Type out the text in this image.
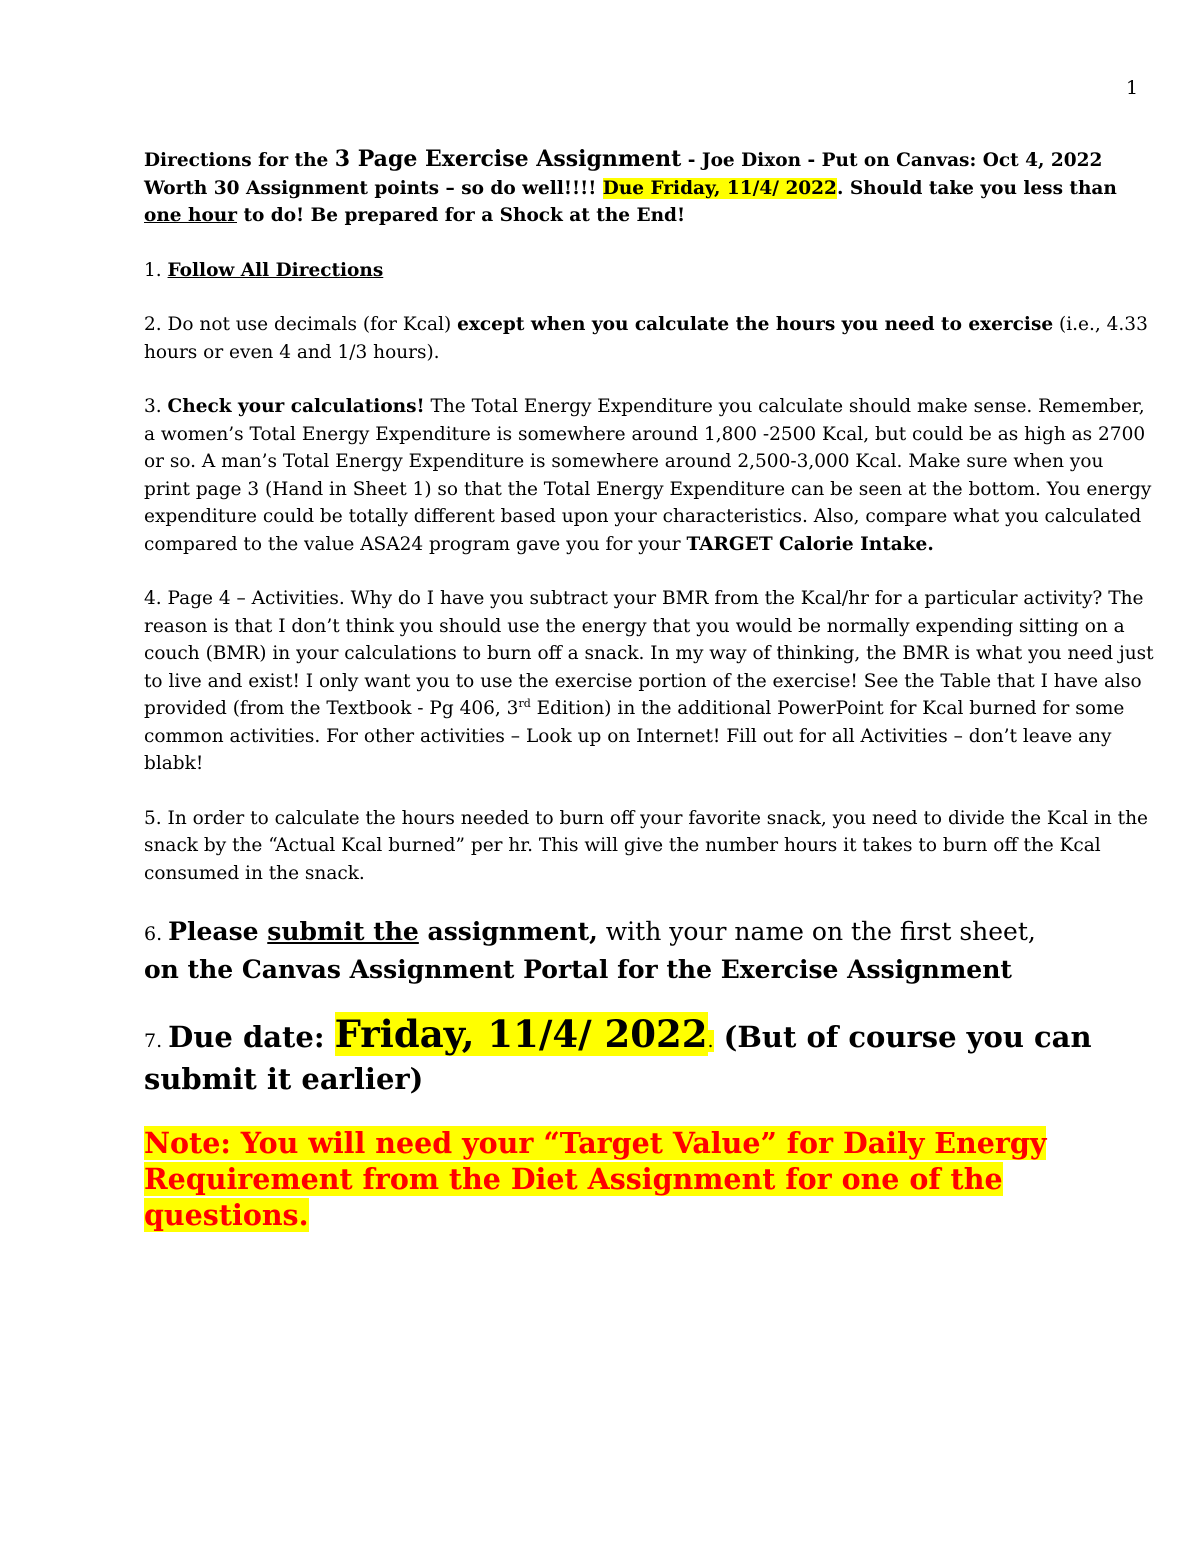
1

Directions for the 3 Page Exercise Assignment - Joe Dixon - Put on Canvas: Oct 4, 2022 Worth 30 Assignment points – so do well!!!! Due Friday, 11/4/ 2022. Should take you less than one hour to do! Be prepared for a Shock at the End!

1. Follow All Directions

2. Do not use decimals (for Kcal) except when you calculate the hours you need to exercise (i.e., 4.33 hours or even 4 and 1/3 hours).

3. Check your calculations! The Total Energy Expenditure you calculate should make sense. Remember, a women’s Total Energy Expenditure is somewhere around 1,800 -2500 Kcal, but could be as high as 2700 or so. A man’s Total Energy Expenditure is somewhere around 2,500-3,000 Kcal. Make sure when you print page 3 (Hand in Sheet 1) so that the Total Energy Expenditure can be seen at the bottom. You energy expenditure could be totally different based upon your characteristics. Also, compare what you calculated compared to the value ASA24 program gave you for your TARGET Calorie Intake.

4. Page 4 – Activities. Why do I have you subtract your BMR from the Kcal/hr for a particular activity? The reason is that I don’t think you should use the energy that you would be normally expending sitting on a couch (BMR) in your calculations to burn off a snack. In my way of thinking, the BMR is what you need just to live and exist! I only want you to use the exercise portion of the exercise! See the Table that I have also provided (from the Textbook - Pg 406, 3rd Edition) in the additional PowerPoint for Kcal burned for some common activities. For other activities – Look up on Internet! Fill out for all Activities – don’t leave any blabk!

5. In order to calculate the hours needed to burn off your favorite snack, you need to divide the Kcal in the snack by the “Actual Kcal burned” per hr. This will give the number hours it takes to burn off the Kcal consumed in the snack.

6. Please submit the assignment, with your name on the first sheet,
on the Canvas Assignment Portal for the Exercise Assignment

7. Due date: Friday, 11/4/ 2022. (But of course you can submit it earlier)

Note: You will need your “Target Value” for Daily Energy Requirement from the Diet Assignment for one of the questions.
